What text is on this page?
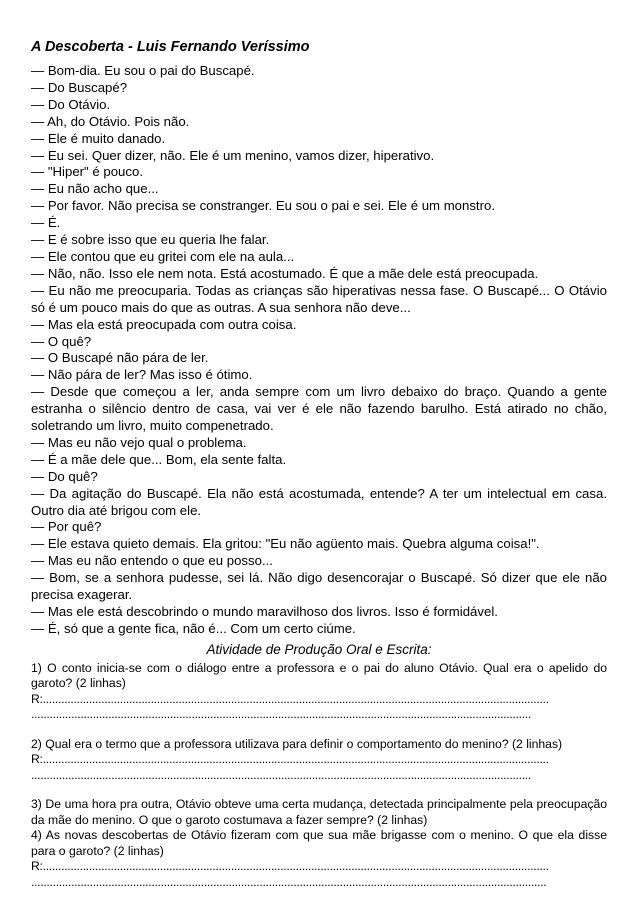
A Descoberta - Luis Fernando Veríssimo

— Bom-dia. Eu sou o pai do Buscapé.

— Do Buscapé?

— Do Otávio.

— Ah, do Otávio. Pois não.

— Ele é muito danado.

— Eu sei. Quer dizer, não. Ele é um menino, vamos dizer, hiperativo.

— "Hiper" é pouco.

— Eu não acho que...

— Por favor. Não precisa se constranger. Eu sou o pai e sei. Ele é um monstro.

— É.

— E é sobre isso que eu queria lhe falar.

— Ele contou que eu gritei com ele na aula...

— Não, não. Isso ele nem nota. Está acostumado. É que a mãe dele está preocupada.

— Eu não me preocuparia. Todas as crianças são hiperativas nessa fase. O Buscapé... O Otávio só é um pouco mais do que as outras. A sua senhora não deve...

— Mas ela está preocupada com outra coisa.

— O quê?

— O Buscapé não pára de ler.

— Não pára de ler? Mas isso é ótimo.

— Desde que começou a ler, anda sempre com um livro debaixo do braço. Quando a gente estranha o silêncio dentro de casa, vai ver é ele não fazendo barulho. Está atirado no chão, soletrando um livro, muito compenetrado.

— Mas eu não vejo qual o problema.

— É a mãe dele que... Bom, ela sente falta.

— Do quê?

— Da agitação do Buscapé. Ela não está acostumada, entende? A ter um intelectual em casa. Outro dia até brigou com ele.

— Por quê?

— Ele estava quieto demais. Ela gritou: "Eu não agüento mais. Quebra alguma coisa!".

— Mas eu não entendo o que eu posso...

— Bom, se a senhora pudesse, sei lá. Não digo desencorajar o Buscapé. Só dizer que ele não precisa exagerar.

— Mas ele está descobrindo o mundo maravilhoso dos livros. Isso é formidável.

— É, só que a gente fica, não é... Com um certo ciúme.

Atividade de Produção Oral e Escrita:

1) O conto inicia-se com o diálogo entre a professora e o pai do aluno Otávio. Qual era o apelido do garoto? (2 linhas)

R:....................................................................................................................................................................
..................................................................................................................................................................

2) Qual era o termo que a professora utilizava para definir o comportamento do menino? (2 linhas)

R:....................................................................................................................................................................
..................................................................................................................................................................

3) De uma hora pra outra, Otávio obteve uma certa mudança, detectada principalmente pela preocupação da mãe do menino. O que o garoto costumava a fazer sempre? (2 linhas)

4) As novas descobertas de Otávio fizeram com que sua mãe brigasse com o menino. O que ela disse para o garoto? (2 linhas)

R:....................................................................................................................................................................
.......................................................................................................................................................................
